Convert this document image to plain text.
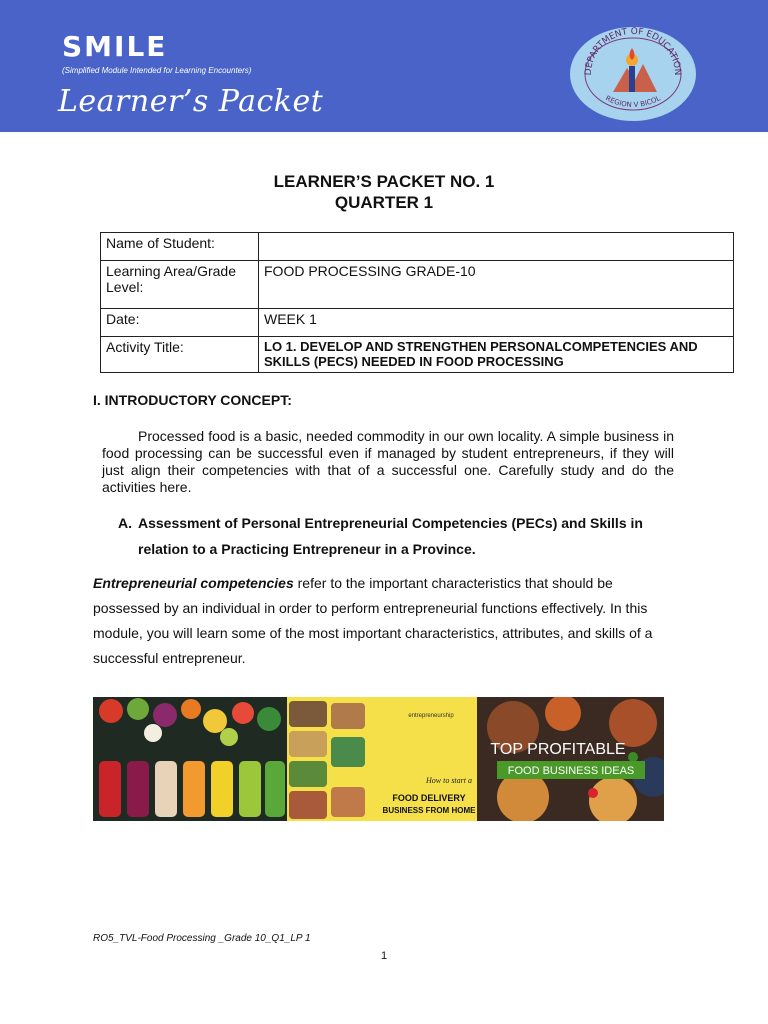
SMILE
(Simplified Module Intended for Learning Encounters)
Learner’s Packet
DEPARTMENT OF EDUCATION
REGION V BICOL
LEARNER’S PACKET NO. 1
QUARTER 1
Name of Student:	
Learning Area/Grade Level:	FOOD PROCESSING GRADE-10
Date:	WEEK 1
Activity Title:	LO 1. DEVELOP AND STRENGTHEN PERSONALCOMPETENCIES AND SKILLS (PECS) NEEDED IN FOOD PROCESSING
I. INTRODUCTORY CONCEPT:
Processed food is a basic, needed commodity in our own locality. A simple business in food processing can be successful even if managed by student entrepreneurs, if they will just align their competencies with that of a successful one. Carefully study and do the activities here.
A. Assessment of Personal Entrepreneurial Competencies (PECs) and Skills in relation to a Practicing Entrepreneur in a Province.
Entrepreneurial competencies refer to the important characteristics that should be possessed by an individual in order to perform entrepreneurial functions effectively. In this module, you will learn some of the most important characteristics, attributes, and skills of a successful entrepreneur.
entrepreneurship
How to start a
FOOD DELIVERY
BUSINESS FROM HOME
TOP PROFITABLE
FOOD BUSINESS IDEAS
RO5_TVL-Food Processing _Grade 10_Q1_LP 1
1
